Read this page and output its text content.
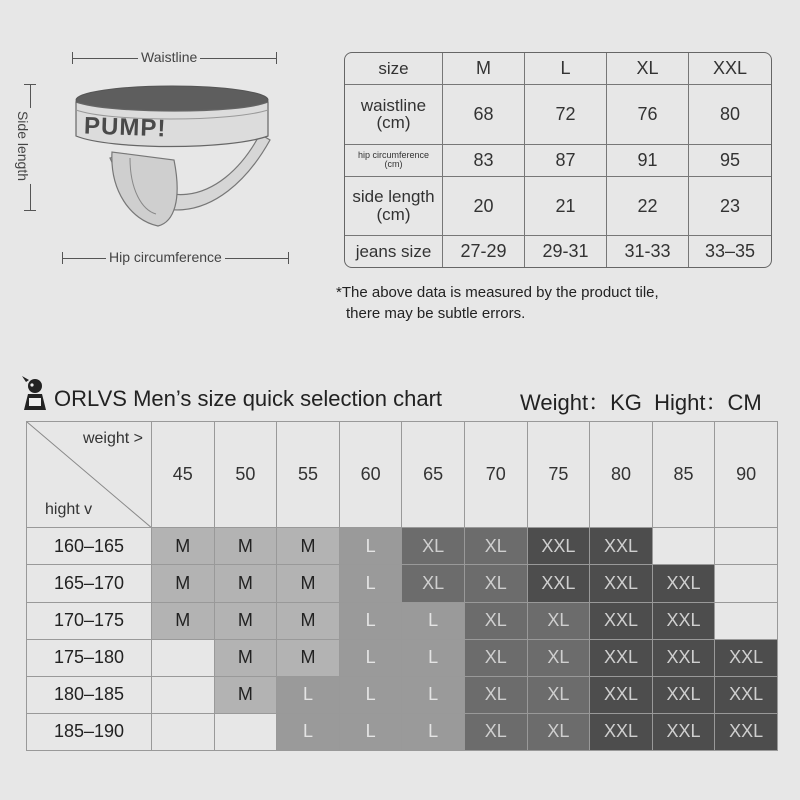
Waistline
Side length
Hip circumference
PUMP!
size	M	L	XL	XXL
waistline
(cm)	68	72	76	80
hip circumference
(cm)	83	87	91	95
side length
(cm)	20	21	22	23
jeans size	27-29	29-31	31-33	33–35
*The above data is measured by the product tile,
there may be subtle errors.
ORLVS Men’s size quick selection chart	Weight：KG  Hight：CM
weight >
hight v	45	50	55	60	65	70	75	80	85	90
160–165	M	M	M	L	XL	XL	XXL	XXL		
165–170	M	M	M	L	XL	XL	XXL	XXL	XXL	
170–175	M	M	M	L	L	XL	XL	XXL	XXL	
175–180		M	M	L	L	XL	XL	XXL	XXL	XXL
180–185		M	L	L	L	XL	XL	XXL	XXL	XXL
185–190			L	L	L	XL	XL	XXL	XXL	XXL
